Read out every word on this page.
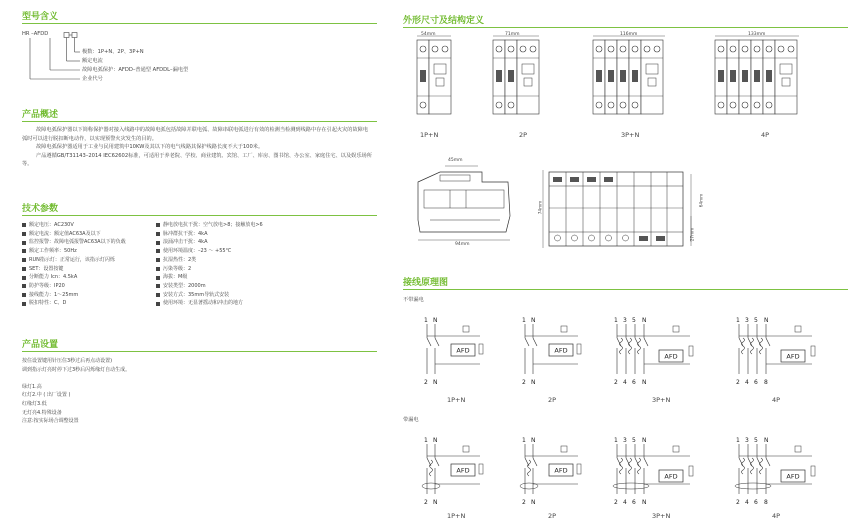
型号含义
HR –AFDD
极数：1P+N、2P、3P+N
额定电流
故障电弧保护：AFDD–普通型 AFDDL–漏电型
企业代号
产品概述

故障电弧保护器以下简称保护器对接入线路中的故障电弧包括故障并联电弧、故障串联电弧进行有效的检测当检测到线路中存在引起火灾的故障电弧时可以进行脱扣断电动作，以实现预警火灾发生的目的。

故障电弧保护器适用于工业与民用建筑中10KW及其以下的电气线路其保护线路长度不大于100米。

产品遵循GB/T31143–2014 IEC62602标准，可适用于养老院、学校、商业建筑、宾馆、工厂、库房、图书馆、办公室、家庭住宅、以及娱乐场所等。

技术参数
额定电压：AC230V
额定电流：额定值AC63A及以下
监控报警：故障电弧报警AC63A以下的负载
额定工作频率：50Hz
RUN指示灯：正常运行，该指示灯闪烁
SET：设置按键
分断能力 Icn：4.5kA
防护等级：IP20
接线能力：1～25mm
脱扣特性：C、D
静电放电抗干扰：空气放电>8；接触放电>6
脉冲群抗干扰：4kA
浪涌冲击干扰：4kA
使用环境温度：–23 ～ +55℃
抗湿热性：2类
污染等级：2
海拔：M级
安装类型：2000m
安装方式：35mm导轨式安装
使用环境：无显著摇动和冲击的地方
产品设置
按住设置键用针压住3秒过后再点动设置)
调到指示灯亮时停下过3秒后闪烁缘灯自动生成。
绿灯1.高
红灯2.中 ( 出厂设置 )
红缘灯3.低
无灯亮4.特殊设备
注意:按实际场合调整设置
外形尺寸及结构定义
54mm	71mm	116mm	133mm
1P+N	2P	3P+N	4P
45mm
94mm
74mm
64mm
27mm
接线原理图
不带漏电
带漏电
AFD
1 N
2 N
1 N
2 N
1 3 5 N
2 4 6 N
1 3 5 N
2 4 6 8
1 N
2 N
1 N
2 N
1 3 5 N
2 4 6 N
1 3 5 N
2 4 6 8
1P+N	2P	3P+N	4P
1P+N	2P	3P+N	4P
